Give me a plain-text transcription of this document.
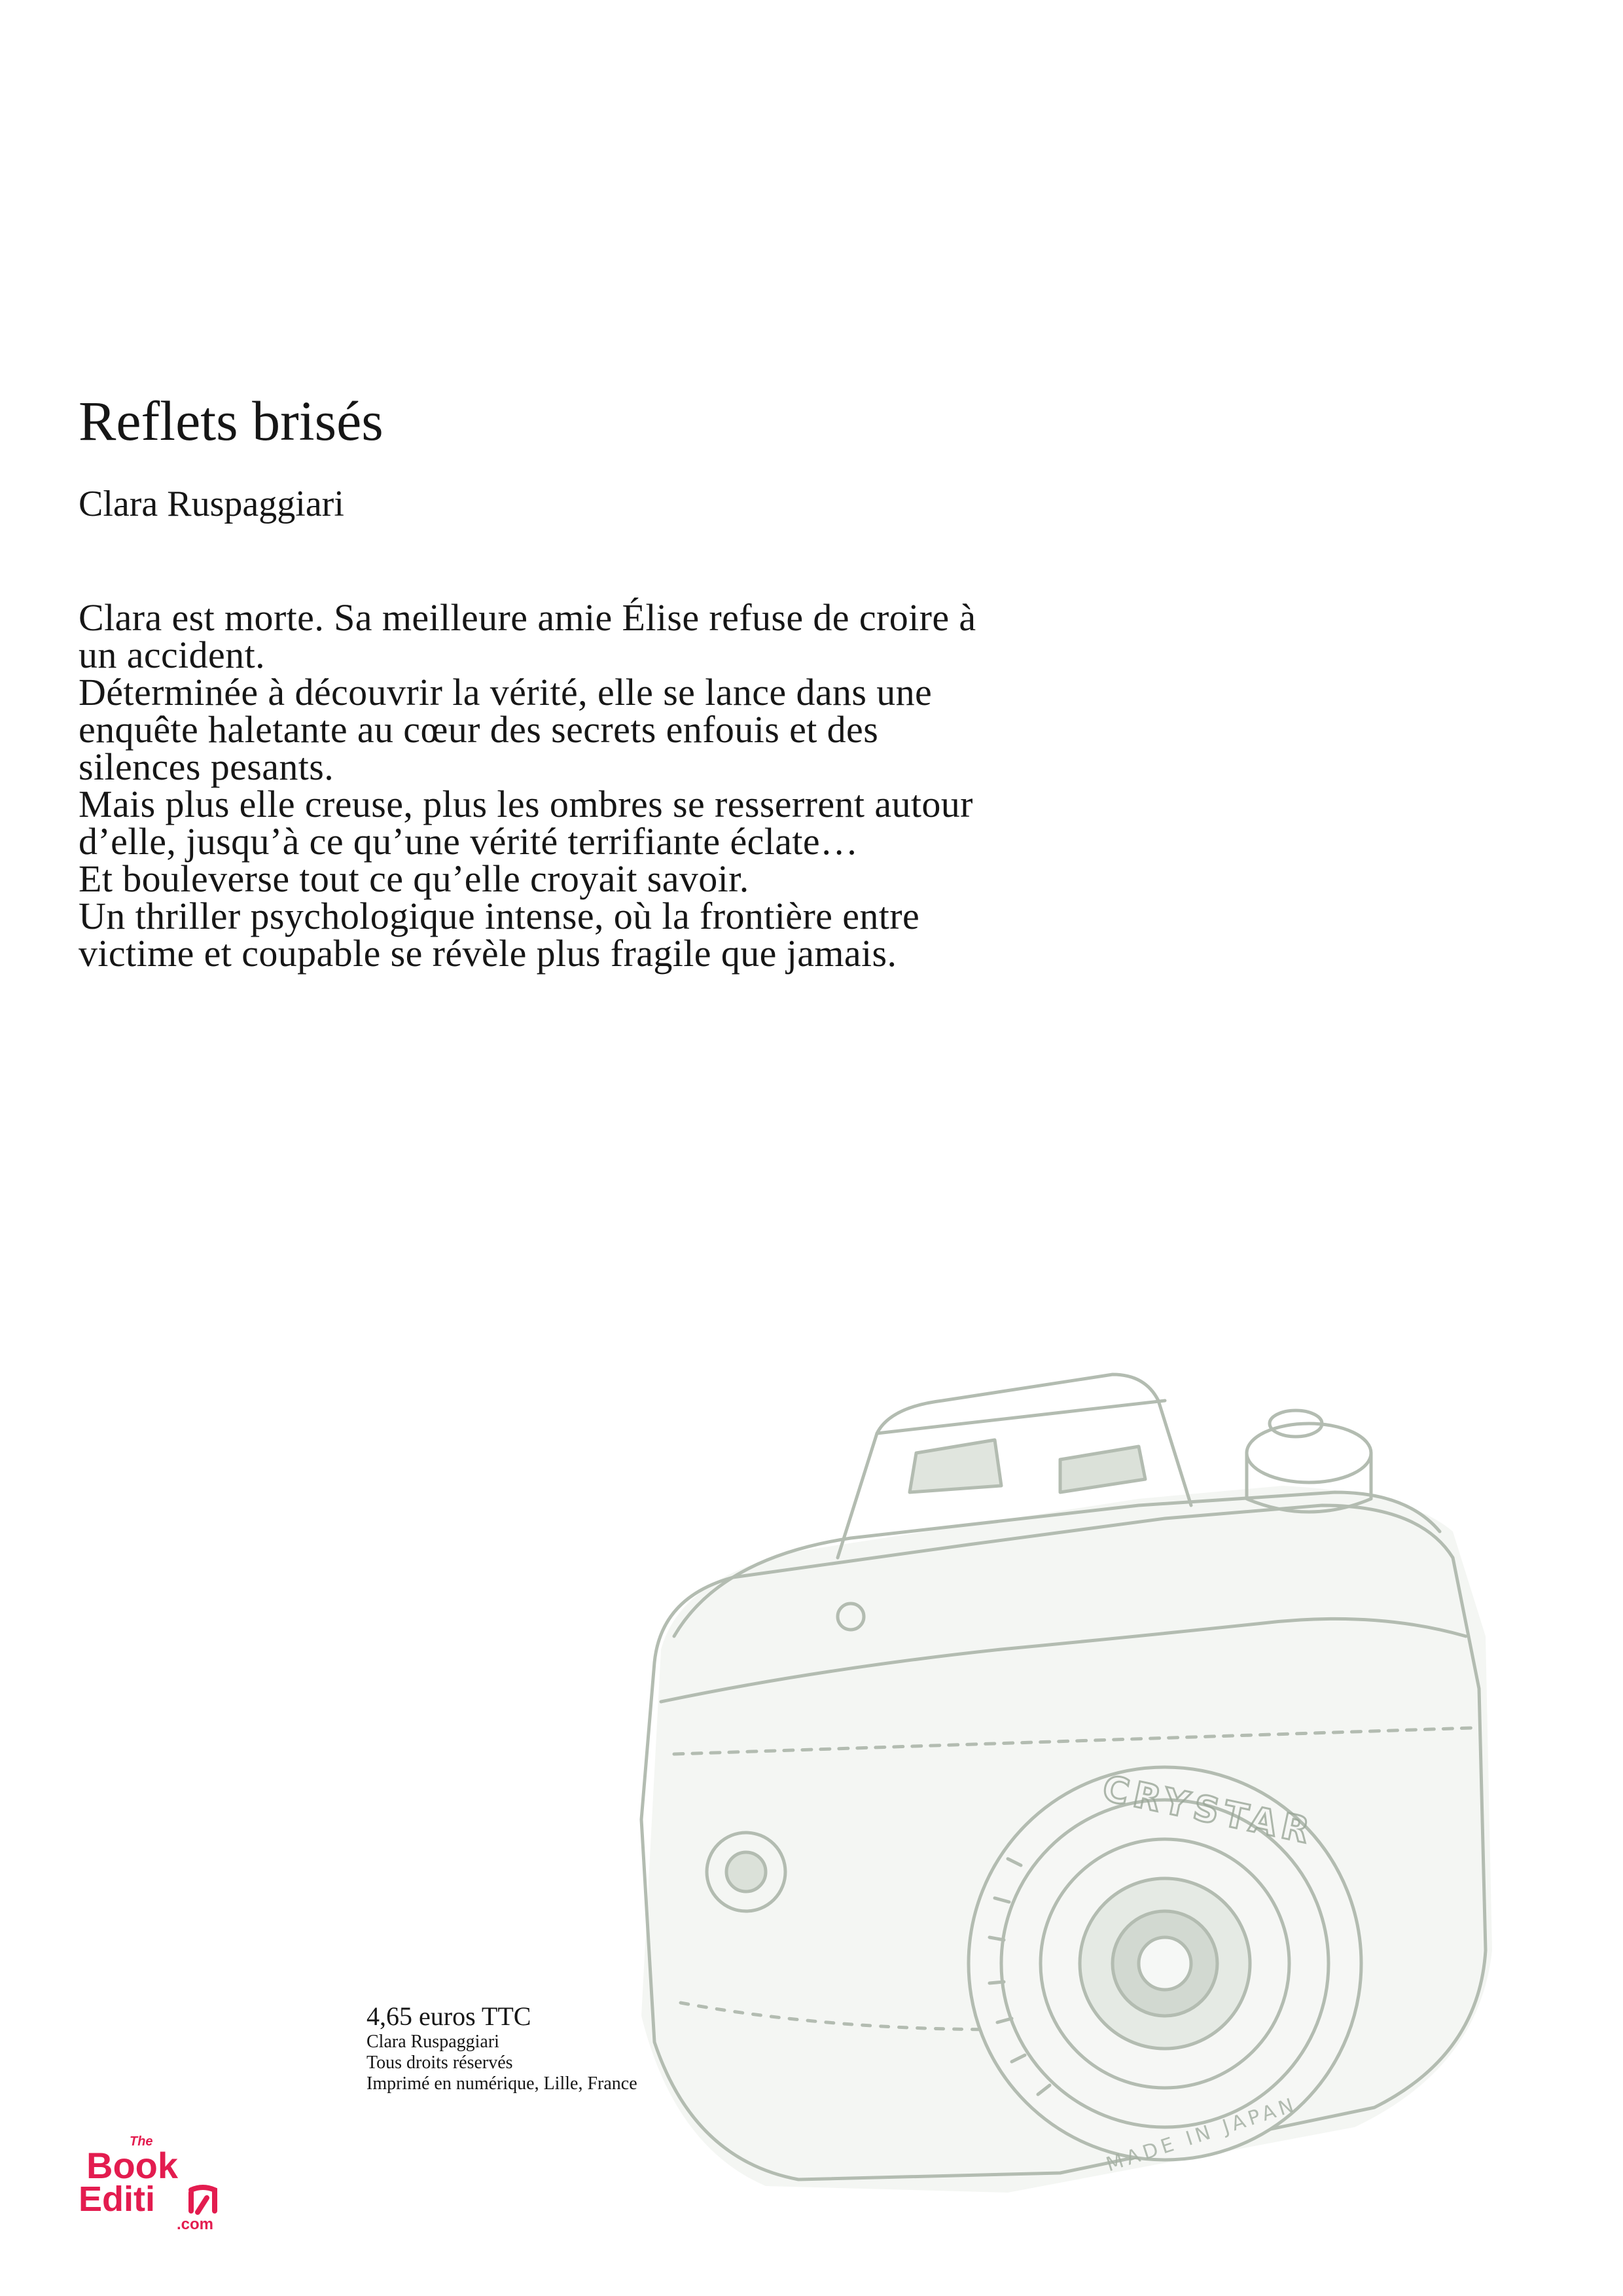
Reflets brisés
Clara Ruspaggiari
Clara est morte. Sa meilleure amie Élise refuse de croire à
un accident.
Déterminée à découvrir la vérité, elle se lance dans une
enquête haletante au cœur des secrets enfouis et des
silences pesants.
Mais plus elle creuse, plus les ombres se resserrent autour
d’elle, jusqu’à ce qu’une vérité terrifiante éclate…
Et bouleverse tout ce qu’elle croyait savoir.
Un thriller psychologique intense, où la frontière entre
victime et coupable se révèle plus fragile que jamais.
CRYSTAR
MADE IN JAPAN
4,65 euros TTC
Clara Ruspaggiari
Tous droits réservés
Imprimé en numérique, Lille, France
The
Book
Editi
.com
